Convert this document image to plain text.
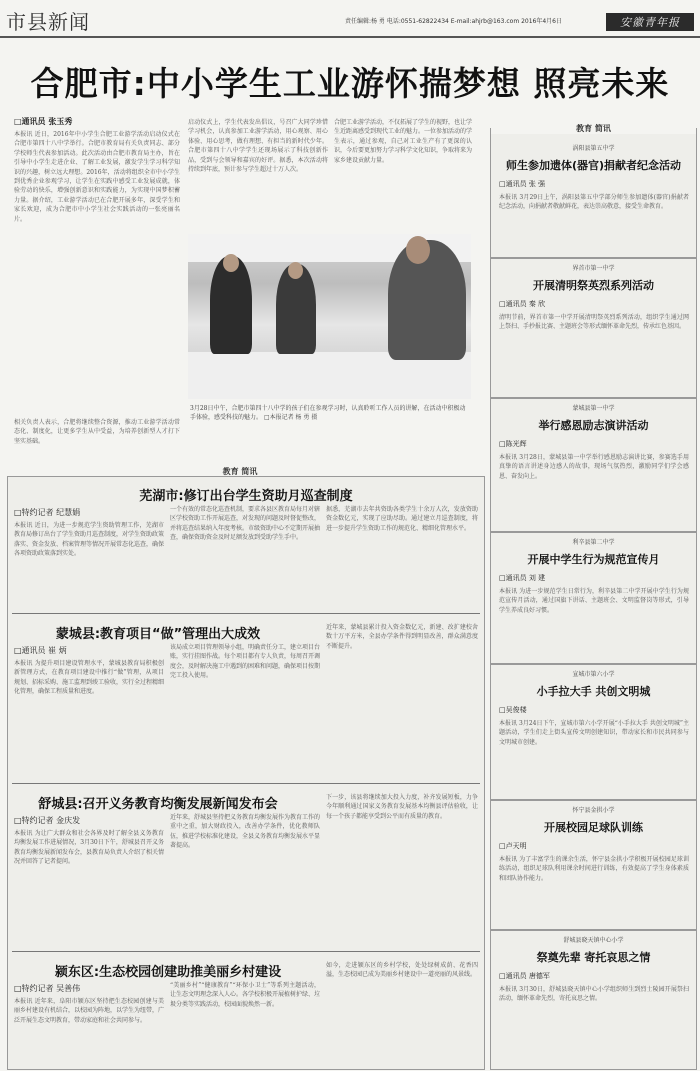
市县新闻	责任编辑:杨 勇 电话:0551-62822434 E-mail:ahjrb@163.com 2016年4月6日	安徽青年报
合肥市:中小学生工业游怀揣梦想 照亮未来
□通讯员 张玉秀
本报讯 近日，2016年中小学生合肥工业游学活动启动仪式在合肥市第四十八中学举行。合肥市教育局有关负责同志、部分学校师生代表参加活动。此次活动由合肥市教育局主办，旨在引导中小学生走进企业、了解工业发展，激发学生学习科学知识的兴趣，树立远大理想。2016年，活动将组织全市中小学生到优秀企业参观学习，让学生在实践中感受工业发展成就，体验劳动的快乐，增强创新意识和实践能力，为实现中国梦积蓄力量。据介绍，工业游学活动已在合肥开展多年，深受学生和家长欢迎，成为合肥市中小学生社会实践活动的一张亮丽名片。
启动仪式上，学生代表发出倡议，号召广大同学珍惜学习机会，认真参加工业游学活动，用心观察、用心体验、用心思考，做有理想、有担当的新时代少年。合肥市第四十八中学学生还现场展示了科技创新作品，受到与会领导和嘉宾的好评。据悉，本次活动将持续到年底，预计参与学生超过十万人次。
合肥工业游学活动，不仅拓展了学生的视野，也让学生近距离感受到现代工业的魅力。一位参加活动的学生表示，通过参观，自己对工业生产有了更深的认识，今后要更加努力学习科学文化知识，争取将来为家乡建设贡献力量。
3月28日中午，合肥市第四十八中学的孩子们在参观学习时，认真聆听工作人员的讲解，在活动中积极动手体验，感受科技的魅力。 □本报记者 杨 勇 摄
相关负责人表示，合肥将继续整合资源，推动工业游学活动常态化、制度化，让更多学生从中受益，为培养创新型人才打下坚实基础。
教育 简讯
芜湖市:修订出台学生资助月巡查制度
□特约记者 纪慧娟
本报讯 近日，为进一步规范学生资助管理工作，芜湖市教育局修订出台了学生资助月巡查制度，对学生资助政策落实、资金发放、档案管理等情况开展常态化巡查，确保各项资助政策落到实处。
一个有效的常态化巡查机制，要求各县区教育局每月对辖区学校资助工作开展巡查，对发现的问题及时督促整改，并将巡查结果纳入年度考核。市级资助中心不定期开展抽查，确保资助资金及时足额发放到受助学生手中。
据悉，芜湖市去年共资助各类学生十余万人次，发放资助资金数亿元，实现了应助尽助。通过建立月巡查制度，将进一步提升学生资助工作的规范化、精细化管理水平。
蒙城县:教育项目“做”管理出大成效
□通讯员 崔 炳
本报讯 为提升项目建设管理水平，蒙城县教育局积极创新管理方式，在教育项目建设中推行“做”管理，从项目规划、招标采购、施工监理到竣工验收，实行全过程精细化管理，确保工程质量和进度。
该局成立项目管理领导小组，明确责任分工，建立项目台账，实行挂图作战。每个项目都有专人负责，每周召开调度会，及时解决施工中遇到的困难和问题，确保项目按期完工投入使用。
近年来，蒙城县累计投入资金数亿元，新建、改扩建校舍数十万平方米，全县办学条件得到明显改善，群众满意度不断提升。
舒城县:召开义务教育均衡发展新闻发布会
□特约记者 金庆发
本报讯 为让广大群众和社会各界及时了解全县义务教育均衡发展工作进展情况，3月30日下午，舒城县召开义务教育均衡发展新闻发布会，县教育局负责人介绍了相关情况并回答了记者提问。
近年来，舒城县坚持把义务教育均衡发展作为教育工作的重中之重，加大财政投入，改善办学条件，优化教师队伍，推进学校标准化建设，全县义务教育均衡发展水平显著提高。
下一步，该县将继续加大投入力度，补齐发展短板，力争今年顺利通过国家义务教育发展基本均衡县评估验收，让每一个孩子都能享受到公平而有质量的教育。
颍东区:生态校园创建助推美丽乡村建设
□特约记者 吴善伟
本报讯 近年来，阜阳市颍东区坚持把生态校园创建与美丽乡村建设有机结合，以校园为阵地，以学生为纽带，广泛开展生态文明教育，带动家庭和社会共同参与。
“美丽乡村”“健康教育”“环保小卫士”等系列主题活动，让生态文明理念深入人心。各学校积极开展植树护绿、垃圾分类等实践活动，校园面貌焕然一新。
如今，走进颍东区的乡村学校，处处绿树成荫、花香四溢，生态校园已成为美丽乡村建设中一道亮丽的风景线。
教育 简讯
涡阳县第五中学
师生参加遗体(器官)捐献者纪念活动
□通讯员 张 强
本报讯 3月29日上午，涡阳县第五中学部分师生参加遗体(器官)捐献者纪念活动，向捐献者敬献鲜花，表达崇高敬意，接受生命教育。
界首市第一中学
开展清明祭英烈系列活动
□通讯员 秦 欣
清明节前，界首市第一中学开展清明祭英烈系列活动，组织学生通过网上祭扫、手抄报比赛、主题班会等形式缅怀革命先烈，传承红色基因。
蒙城县第一中学
举行感恩励志演讲活动
□陈光辉
本报讯 3月28日，蒙城县第一中学举行感恩励志演讲比赛，参赛选手用真挚的语言讲述身边感人的故事，现场气氛热烈，激励同学们学会感恩、奋发向上。
利辛县第二中学
开展中学生行为规范宣传月
□通讯员 刘 建
本报讯 为进一步规范学生日常行为，利辛县第二中学开展中学生行为规范宣传月活动，通过国旗下讲话、主题班会、文明监督岗等形式，引导学生养成良好习惯。
宣城市第六小学
小手拉大手 共创文明城
□吴俊楼
本报讯 3月24日下午，宣城市第六小学开展“小手拉大手 共创文明城”主题活动，学生们走上街头宣传文明创建知识，带动家长和市民共同参与文明城市创建。
怀宁县金拱小学
开展校园足球队训练
□卢天明
本报讯 为了丰富学生的课余生活，怀宁县金拱小学积极开展校园足球训练活动，组织足球队利用课余时间进行训练，有效提高了学生身体素质和团队协作能力。
舒城县晓天镇中心小学
祭奠先辈 寄托哀思之情
□通讯员 唐德军
本报讯 3月30日，舒城县晓天镇中心小学组织师生到烈士陵园开展祭扫活动，缅怀革命先烈，寄托哀思之情。
